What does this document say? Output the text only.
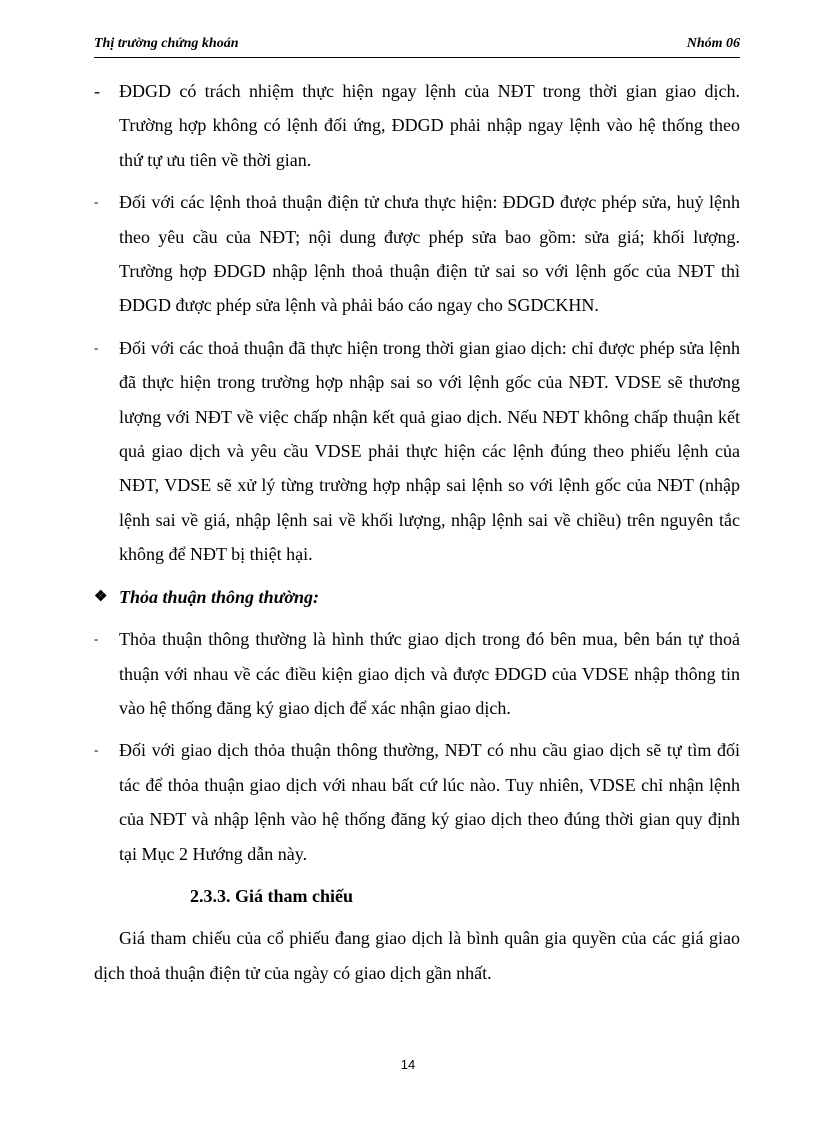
Thị trường chứng khoán	Nhóm 06
-	ĐDGD có trách nhiệm thực hiện ngay lệnh của NĐT trong thời gian giao dịch. Trường hợp không có lệnh đối ứng, ĐDGD phải nhập ngay lệnh vào hệ thống theo thứ tự ưu tiên về thời gian.
-	Đối với các lệnh thoả thuận điện tử chưa thực hiện: ĐDGD được phép sửa, huỷ lệnh theo yêu cầu của NĐT; nội dung được phép sửa bao gồm: sửa giá; khối lượng. Trường hợp ĐDGD nhập lệnh thoả thuận điện tử sai so với lệnh gốc của NĐT thì ĐDGD được phép sửa lệnh và phải báo cáo ngay cho SGDCKHN.
-	Đối với các thoả thuận đã thực hiện trong thời gian giao dịch: chỉ được phép sửa lệnh đã thực hiện trong trường hợp nhập sai so với lệnh gốc của NĐT. VDSE sẽ thương lượng với NĐT về việc chấp nhận kết quả giao dịch. Nếu NĐT không chấp thuận kết quả giao dịch và yêu cầu VDSE phải thực hiện các lệnh đúng theo phiếu lệnh của NĐT, VDSE sẽ xử lý từng trường hợp nhập sai lệnh so với lệnh gốc của NĐT (nhập lệnh sai về giá, nhập lệnh sai về khối lượng, nhập lệnh sai về chiều) trên nguyên tắc không để NĐT bị thiệt hại.
❖ Thỏa thuận thông thường:
-	Thỏa thuận thông thường là hình thức giao dịch trong đó bên mua, bên bán tự thoả thuận với nhau về các điều kiện giao dịch và được ĐDGD của VDSE nhập thông tin vào hệ thống đăng ký giao dịch để xác nhận giao dịch.
-	Đối với giao dịch thỏa thuận thông thường, NĐT có nhu cầu giao dịch sẽ tự tìm đối tác để thỏa thuận giao dịch với nhau bất cứ lúc nào. Tuy nhiên, VDSE chỉ nhận lệnh của NĐT và nhập lệnh vào hệ thống đăng ký giao dịch theo đúng thời gian quy định tại Mục 2 Hướng dẫn này.
2.3.3. Giá tham chiếu

Giá tham chiếu của cổ phiếu đang giao dịch là bình quân gia quyền của các giá giao dịch thoả thuận điện tử của ngày có giao dịch gần nhất.

14
